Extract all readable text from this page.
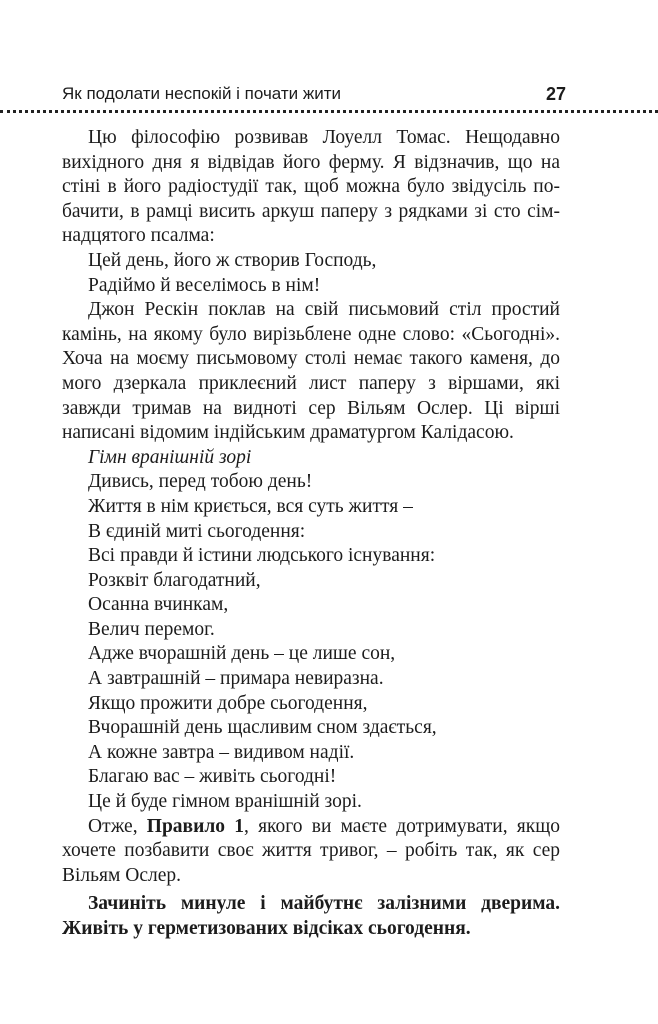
Як подолати неспокій і почати жити	27

Цю філософію розвивав Лоуелл Томас. Нещодавно вихідного дня я відвідав його ферму. Я відзначив, що на стіні в його радіостудії так, щоб можна було звідусіль побачити, в рамці висить аркуш паперу з рядками зі сто сімнадцятого псалма:

Цей день, його ж створив Господь,
Радіймо й веселімось в нім!

Джон Рескін поклав на свій письмовий стіл простий камінь, на якому було вирізьблене одне слово: «Сьогодні». Хоча на моєму письмовому столі немає такого каменя, до мого дзеркала приклеєний лист паперу з віршами, які завжди тримав на видноті сер Вільям Ослер. Ці вірші написані відомим індійським драматургом Калідасою.

Гімн вранішній зорі
Дивись, перед тобою день!
Життя в нім криється, вся суть життя –
В єдиній миті сьогодення:
Всі правди й істини людського існування:
Розквіт благодатний,
Осанна вчинкам,
Велич перемог.
Адже вчорашній день – це лише сон,
А завтрашній – примара невиразна.
Якщо прожити добре сьогодення,
Вчорашній день щасливим сном здається,
А кожне завтра – видивом надії.
Благаю вас – живіть сьогодні!
Це й буде гімном вранішній зорі.

Отже, Правило 1, якого ви маєте дотримувати, якщо хочете позбавити своє життя тривог, – робіть так, як сер Вільям Ослер.

Зачиніть минуле і майбутнє залізними дверима. Живіть у герметизованих відсіках сьогодення.
